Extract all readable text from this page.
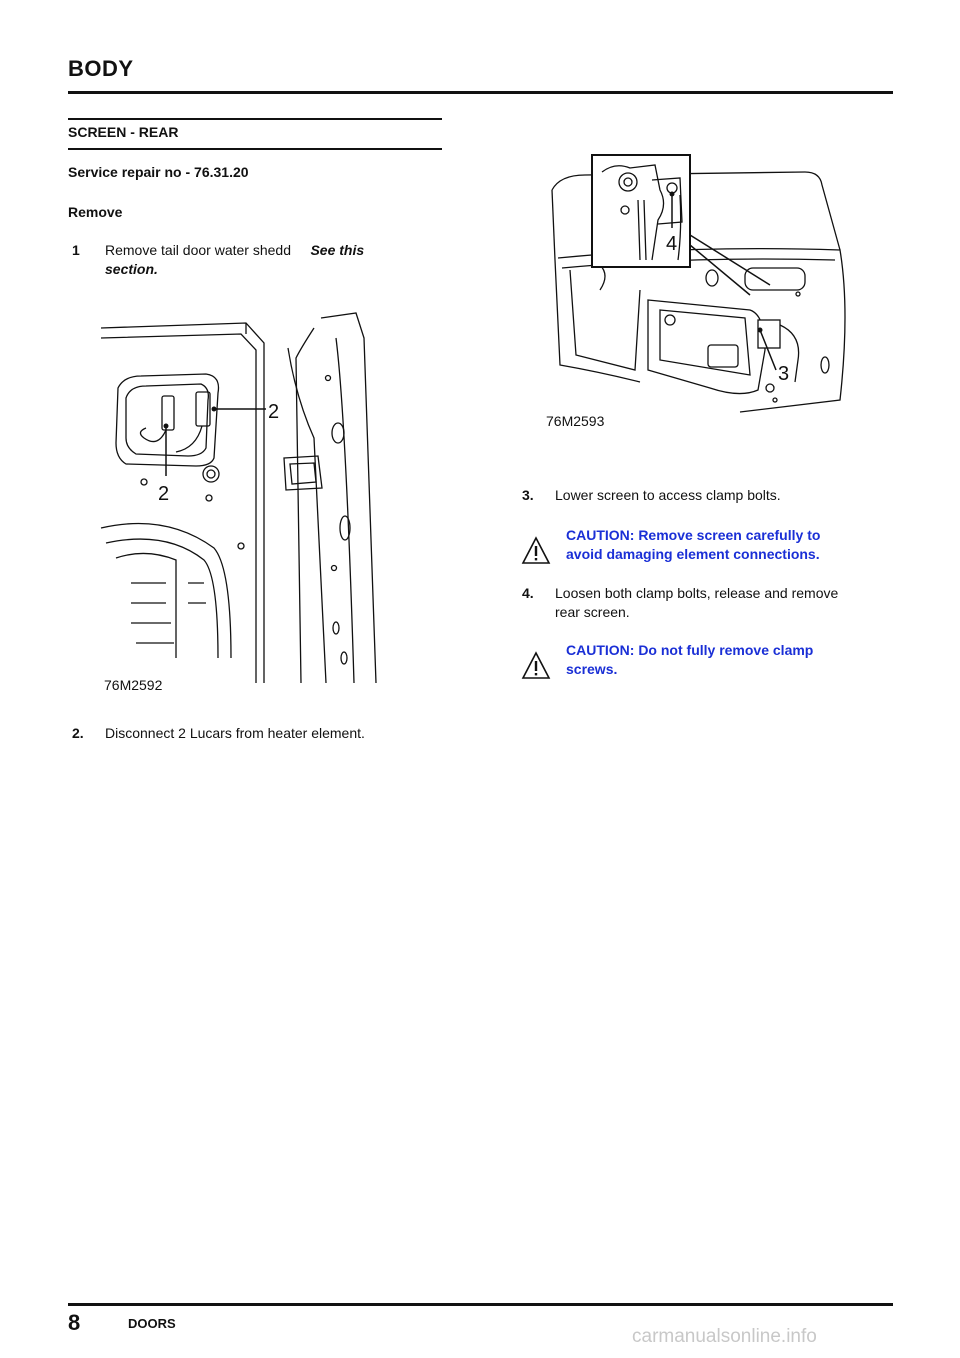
BODY
SCREEN - REAR
Service repair no - 76.31.20
Remove
1 Remove tail door water shedd See this
section.
2
2
76M2592
2. Disconnect 2 Lucars from heater element.
4
3
76M2593
3. Lower screen to access clamp bolts.
CAUTION: Remove screen carefully to
avoid damaging element connections.
4. Loosen both clamp bolts, release and remove
rear screen.
CAUTION: Do not fully remove clamp
screws.
8	DOORS
carmanualsonline.info
